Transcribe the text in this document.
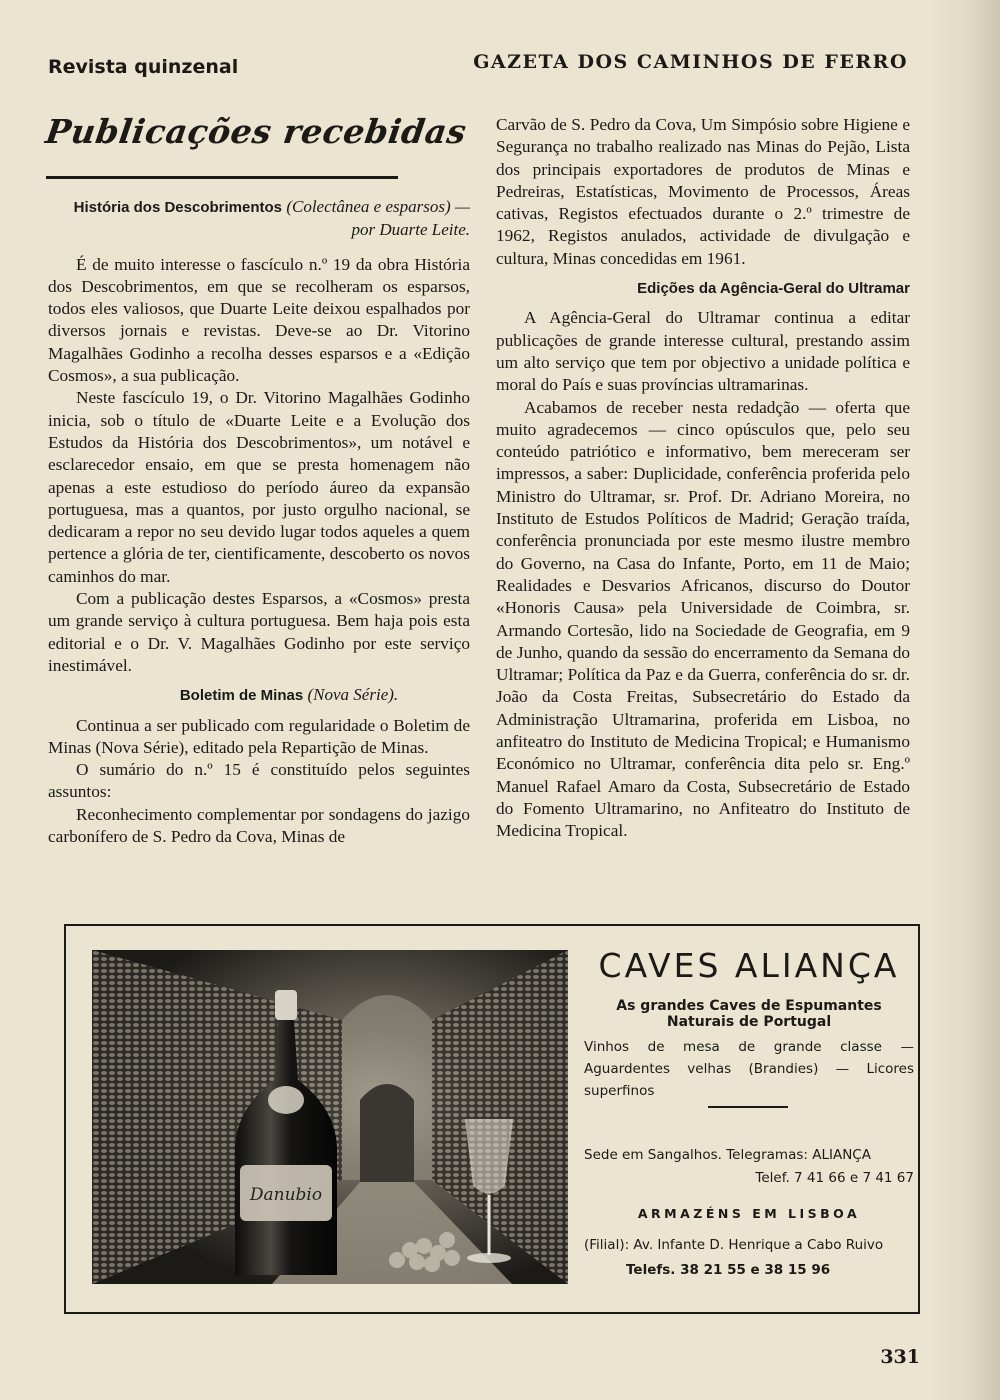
Revista quinzenal	GAZETA DOS CAMINHOS DE FERRO
Publicações recebidas
História dos Descobrimentos (Colectânea e esparsos) — por Duarte Leite.

É de muito interesse o fascículo n.º 19 da obra História dos Descobrimentos, em que se recolheram os esparsos, todos eles valiosos, que Duarte Leite deixou espalhados por diversos jornais e revistas. Deve-se ao Dr. Vitorino Magalhães Godinho a recolha desses esparsos e a «Edição Cosmos», a sua publicação.

Neste fascículo 19, o Dr. Vitorino Magalhães Godinho inicia, sob o título de «Duarte Leite e a Evolução dos Estudos da História dos Descobrimentos», um notável e esclarecedor ensaio, em que se presta homenagem não apenas a este estudioso do período áureo da expansão portuguesa, mas a quantos, por justo orgulho nacional, se dedicaram a repor no seu devido lugar todos aqueles a quem pertence a glória de ter, cientificamente, descoberto os novos caminhos do mar.

Com a publicação destes Esparsos, a «Cosmos» presta um grande serviço à cultura portuguesa. Bem haja pois esta editorial e o Dr. V. Magalhães Godinho por este serviço inestimável.

Boletim de Minas (Nova Série).

Continua a ser publicado com regularidade o Boletim de Minas (Nova Série), editado pela Repartição de Minas.

O sumário do n.º 15 é constituído pelos seguintes assuntos:

Reconhecimento complementar por sondagens do jazigo carbonífero de S. Pedro da Cova, Minas de

Carvão de S. Pedro da Cova, Um Simpósio sobre Higiene e Segurança no trabalho realizado nas Minas do Pejão, Lista dos principais exportadores de produtos de Minas e Pedreiras, Estatísticas, Movimento de Processos, Áreas cativas, Registos efectuados durante o 2.º trimestre de 1962, Registos anulados, actividade de divulgação e cultura, Minas concedidas em 1961.

Edições da Agência-Geral do Ultramar

A Agência-Geral do Ultramar continua a editar publicações de grande interesse cultural, prestando assim um alto serviço que tem por objectivo a unidade política e moral do País e suas províncias ultramarinas.

Acabamos de receber nesta redadção — oferta que muito agradecemos — cinco opúsculos que, pelo seu conteúdo patriótico e informativo, bem mereceram ser impressos, a saber: Duplicidade, conferência proferida pelo Ministro do Ultramar, sr. Prof. Dr. Adriano Moreira, no Instituto de Estudos Políticos de Madrid; Geração traída, conferência pronunciada por este mesmo ilustre membro do Governo, na Casa do Infante, Porto, em 11 de Maio; Realidades e Desvarios Africanos, discurso do Doutor «Honoris Causa» pela Universidade de Coimbra, sr. Armando Cortesão, lido na Sociedade de Geografia, em 9 de Junho, quando da sessão do encerramento da Semana do Ultramar; Política da Paz e da Guerra, conferência do sr. dr. João da Costa Freitas, Subsecretário do Estado da Administração Ultramarina, proferida em Lisboa, no anfiteatro do Instituto de Medicina Tropical; e Humanismo Económico no Ultramar, conferência dita pelo sr. Eng.º Manuel Rafael Amaro da Costa, Subsecretário de Estado do Fomento Ultramarino, no Anfiteatro do Instituto de Medicina Tropical.

Danubio
CAVES ALIANÇA
As grandes Caves de Espumantes Naturais de Portugal
Vinhos de mesa de grande classe — Aguardentes velhas (Brandies) — Licores superfinos
Sede em Sangalhos. Telegramas: ALIANÇA
Telef. 7 41 66 e 7 41 67
ARMAZÉNS EM LISBOA
(Filial): Av. Infante D. Henrique a Cabo Ruivo
Telefs. 38 21 55 e 38 15 96
331
